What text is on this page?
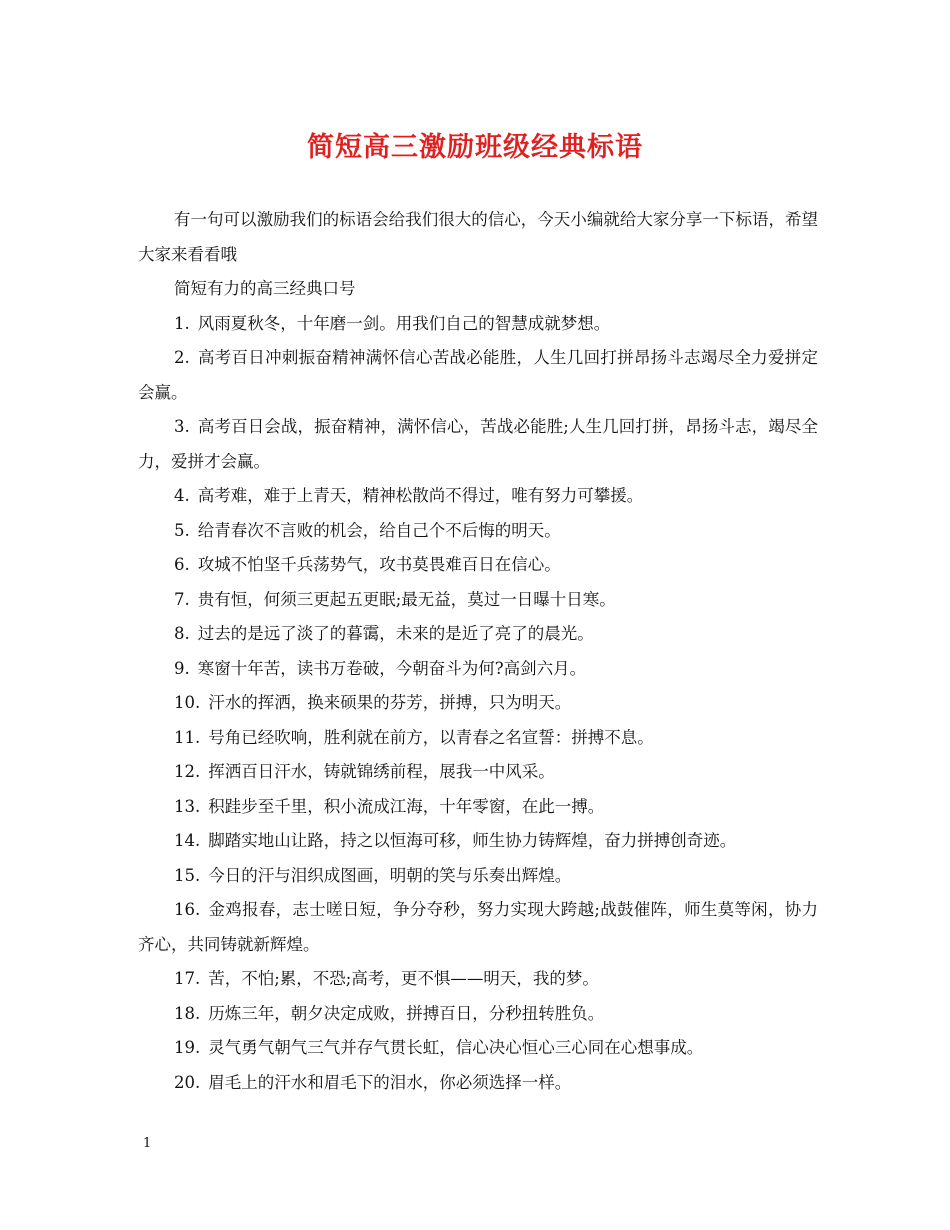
简短高三激励班级经典标语

有一句可以激励我们的标语会给我们很大的信心，今天小编就给大家分享一下标语，希望大家来看看哦

简短有力的高三经典口号

1. 风雨夏秋冬，十年磨一剑。用我们自己的智慧成就梦想。

2. 高考百日冲刺振奋精神满怀信心苦战必能胜，人生几回打拼昂扬斗志竭尽全力爱拼定会赢。

3. 高考百日会战，振奋精神，满怀信心，苦战必能胜;人生几回打拼，昂扬斗志，竭尽全力，爱拼才会赢。

4. 高考难，难于上青天，精神松散尚不得过，唯有努力可攀援。

5. 给青春次不言败的机会，给自己个不后悔的明天。

6. 攻城不怕坚千兵荡势气，攻书莫畏难百日在信心。

7. 贵有恒，何须三更起五更眠;最无益，莫过一日曝十日寒。

8. 过去的是远了淡了的暮霭，未来的是近了亮了的晨光。

9. 寒窗十年苦，读书万卷破，今朝奋斗为何?高剑六月。

10. 汗水的挥洒，换来硕果的芬芳，拼搏，只为明天。

11. 号角已经吹响，胜利就在前方，以青春之名宣誓：拼搏不息。

12. 挥洒百日汗水，铸就锦绣前程，展我一中风采。

13. 积跬步至千里，积小流成江海，十年零窗，在此一搏。

14. 脚踏实地山让路，持之以恒海可移，师生协力铸辉煌，奋力拼搏创奇迹。

15. 今日的汗与泪织成图画，明朝的笑与乐奏出辉煌。

16. 金鸡报春，志士嗟日短，争分夺秒，努力实现大跨越;战鼓催阵，师生莫等闲，协力齐心，共同铸就新辉煌。

17. 苦，不怕;累，不恐;高考，更不惧——明天，我的梦。

18. 历炼三年，朝夕决定成败，拼搏百日，分秒扭转胜负。

19. 灵气勇气朝气三气并存气贯长虹，信心决心恒心三心同在心想事成。

20. 眉毛上的汗水和眉毛下的泪水，你必须选择一样。

1
